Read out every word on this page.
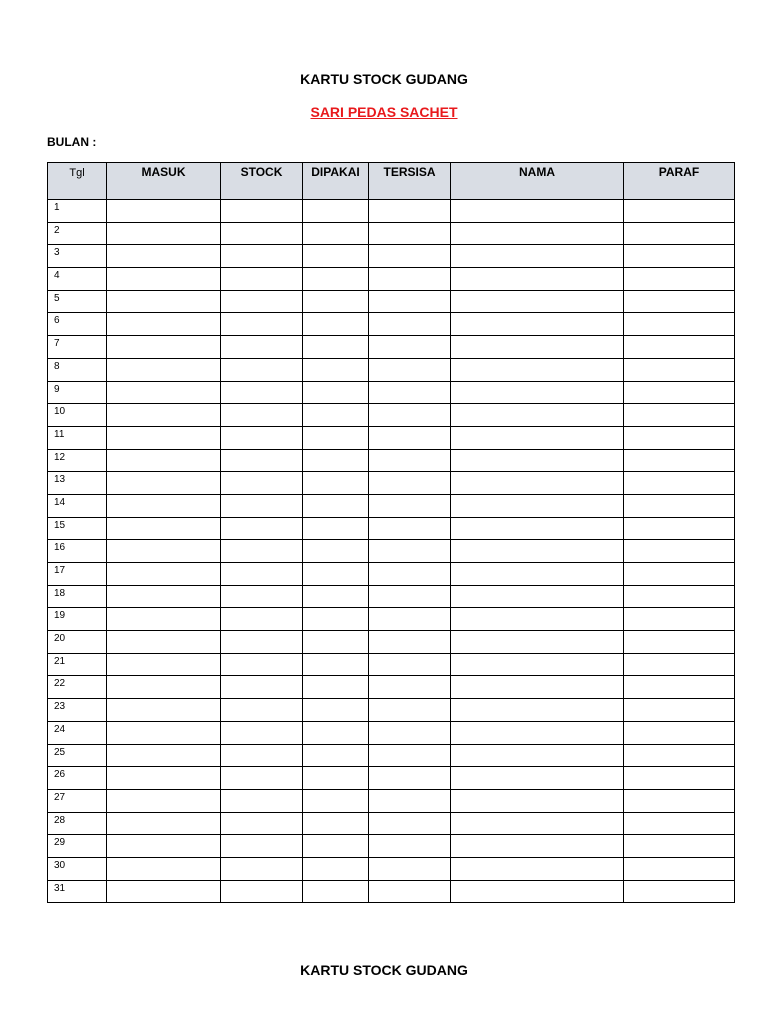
KARTU STOCK GUDANG
SARI PEDAS SACHET
BULAN :
Tgl	MASUK	STOCK	DIPAKAI	TERSISA	NAMA	PARAF
1						
2						
3						
4						
5						
6						
7						
8						
9						
10						
11						
12						
13						
14						
15						
16						
17						
18						
19						
20						
21						
22						
23						
24						
25						
26						
27						
28						
29						
30						
31						
KARTU STOCK GUDANG
